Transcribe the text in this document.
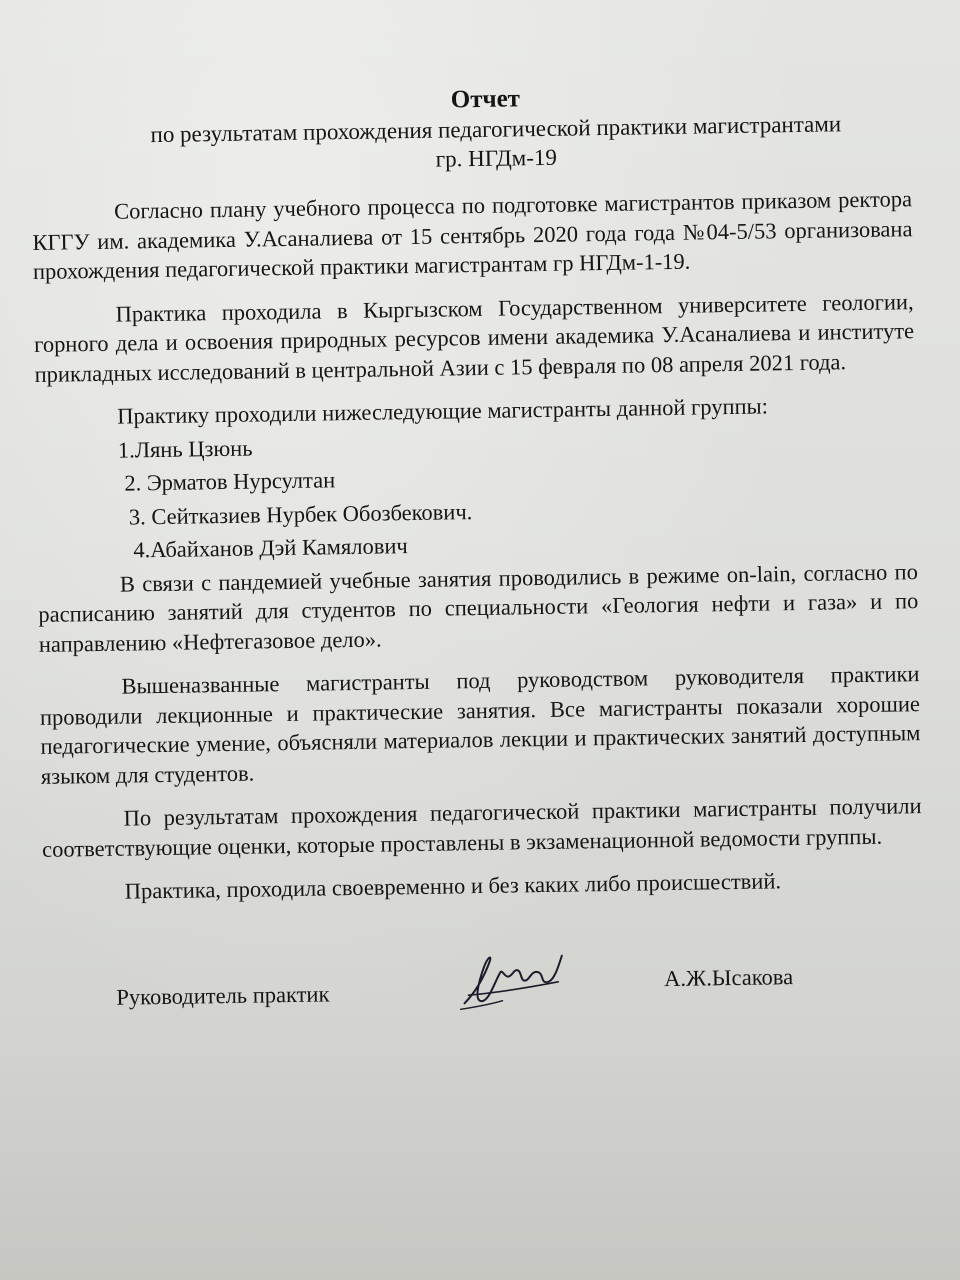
Отчет
по результатам прохождения педагогической практики магистрантами
гр. НГДм-19

Согласно плану учебного процесса по подготовке магистрантов приказом ректора КГГУ им. академика У.Асаналиева от 15 сентябрь 2020 года года №04-5/53 организована прохождения педагогической практики магистрантам гр НГДм-1-19.

Практика проходила в Кыргызском Государственном университете геологии, горного дела и освоения природных ресурсов имени академика У.Асаналиева и институте прикладных исследований в центральной Азии с 15 февраля по 08 апреля 2021 года.

Практику проходили нижеследующие магистранты данной группы:

1.Лянь Цзюнь
2. Эрматов Нурсултан
3. Сейтказиев Нурбек Обозбекович.
4.Абайханов Дэй Камялович

В связи с пандемией учебные занятия проводились в режиме on-lain, согласно по расписанию занятий для студентов по специальности «Геология нефти и газа» и по направлению «Нефтегазовое дело».

Вышеназванные магистранты под руководством руководителя практики проводили лекционные и практические занятия. Все магистранты показали хорошие педагогические умение, объясняли материалов лекции и практических занятий доступным языком для студентов.

По результатам прохождения педагогической практики магистранты получили соответствующие оценки, которые проставлены в экзаменационной ведомости группы.

Практика, проходила своевременно и без каких либо происшествий.

Руководитель практик
А.Ж.Ысакова
